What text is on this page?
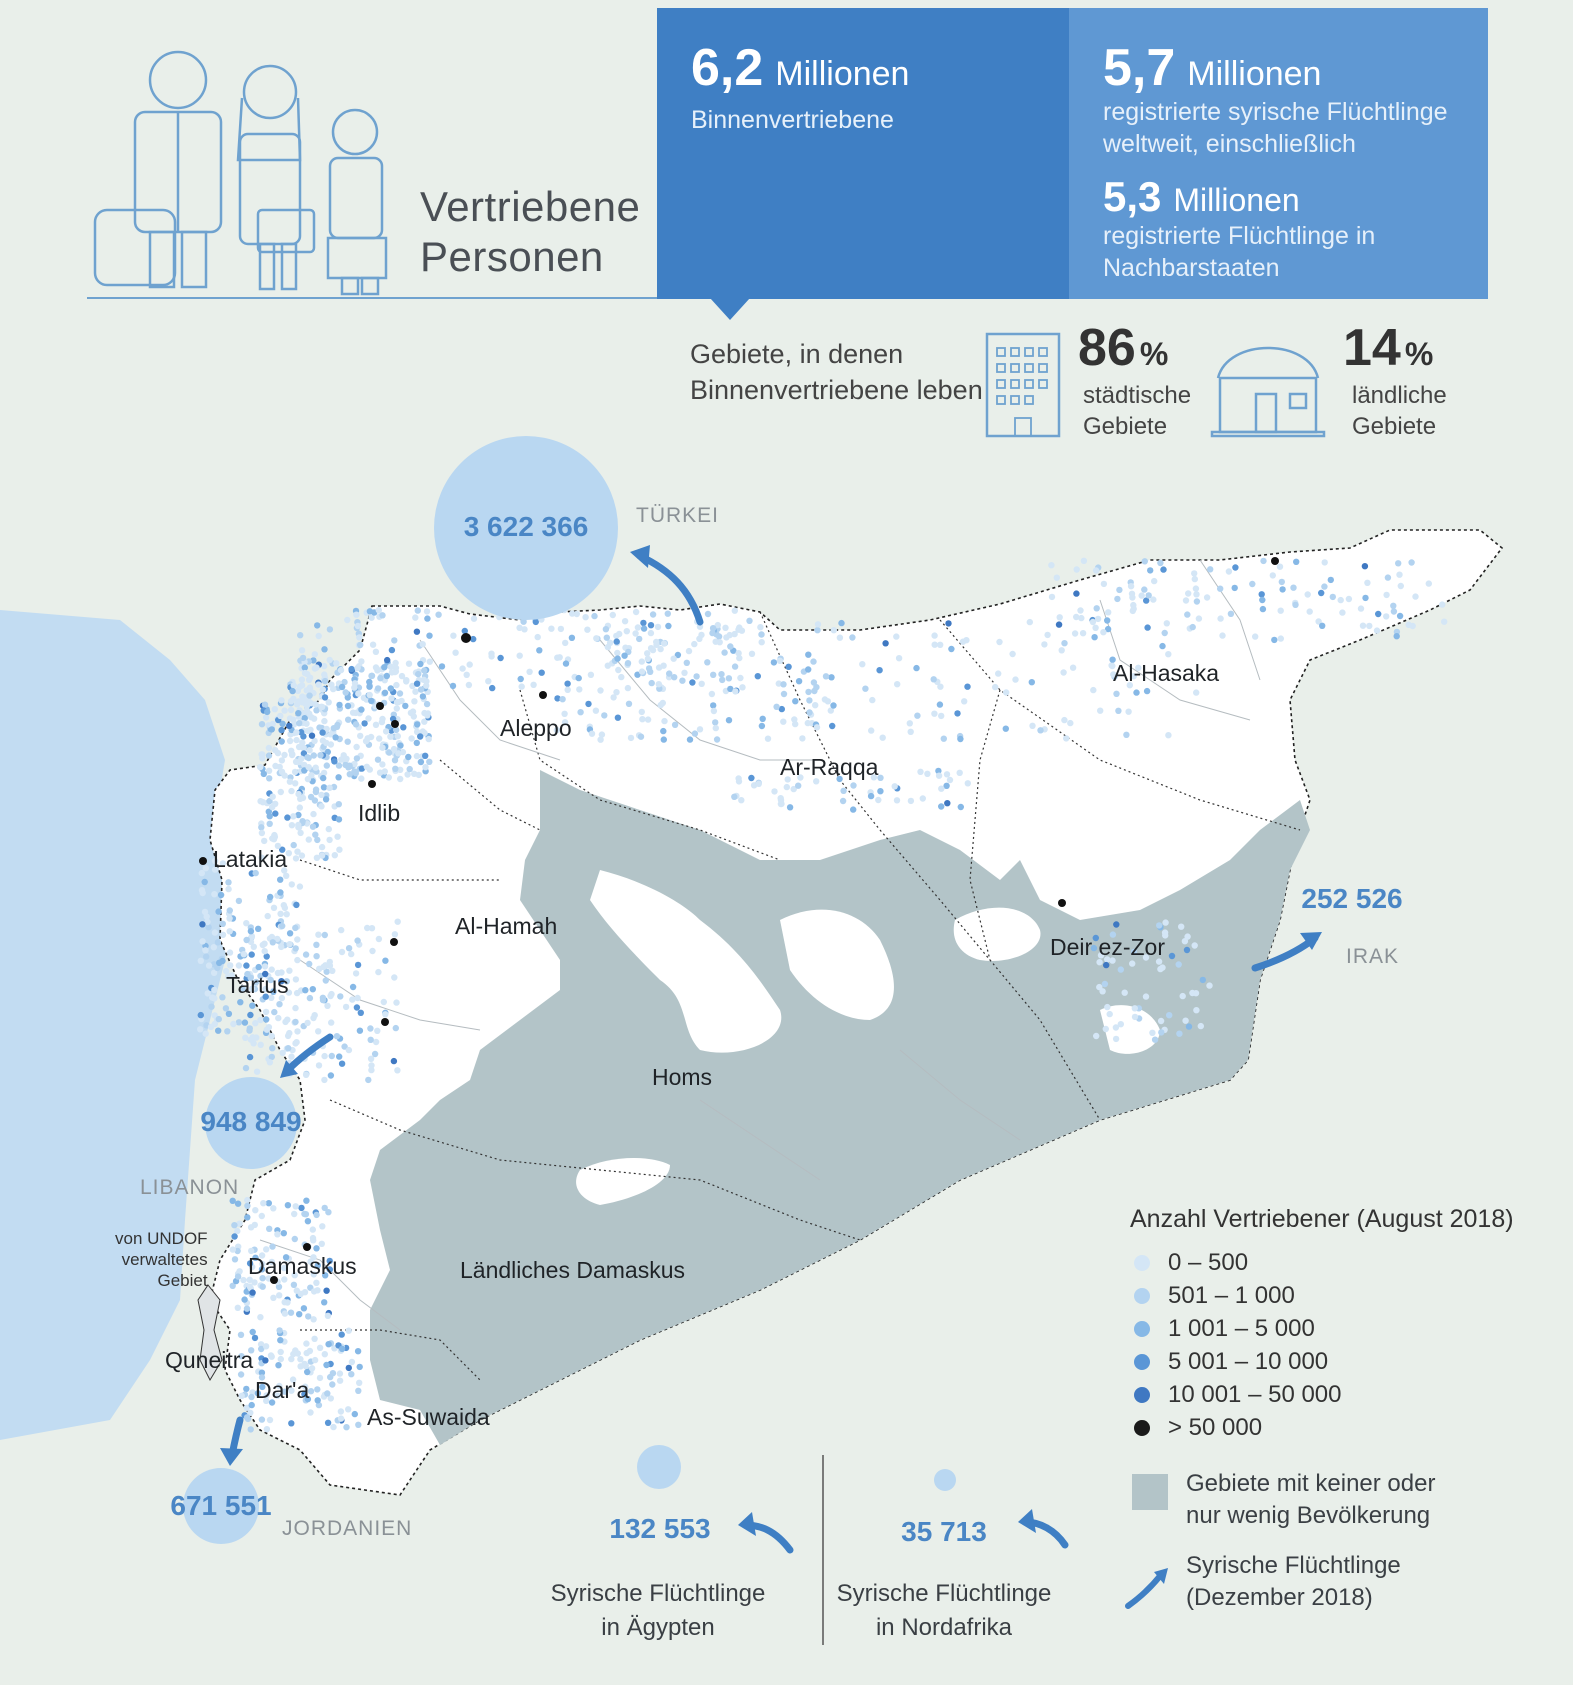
Vertriebene
Personen
6,2 Millionen
Binnenvertriebene
5,7 Millionen
registrierte syrische Flüchtlinge
weltweit, einschließlich
5,3 Millionen
registrierte Flüchtlinge in
Nachbarstaaten
Gebiete, in denen
Binnenvertriebene leben
86 %
städtische
Gebiete
14 %
ländliche
Gebiete
Al-Hasaka
Aleppo
Ar-Raqqa
Idlib
Latakia
Al-Hamah
Tartus
Deir ez-Zor
Homs
Damaskus	Ländliches Damaskus
Quneitra
Dar'a
As-Suwaida
von UNDOF
verwaltetes
Gebiet
TÜRKEI
IRAK
LIBANON
JORDANIEN
3 622 366
252 526
948 849
671 551
132 553	35 713
Syrische Flüchtlinge
in Ägypten
Syrische Flüchtlinge
in Nordafrika
Anzahl Vertriebener (August 2018)
0 – 500
501 – 1 000
1 001 – 5 000
5 001 – 10 000
10 001 – 50 000
> 50 000
Gebiete mit keiner oder
nur wenig Bevölkerung
Syrische Flüchtlinge
(Dezember 2018)
